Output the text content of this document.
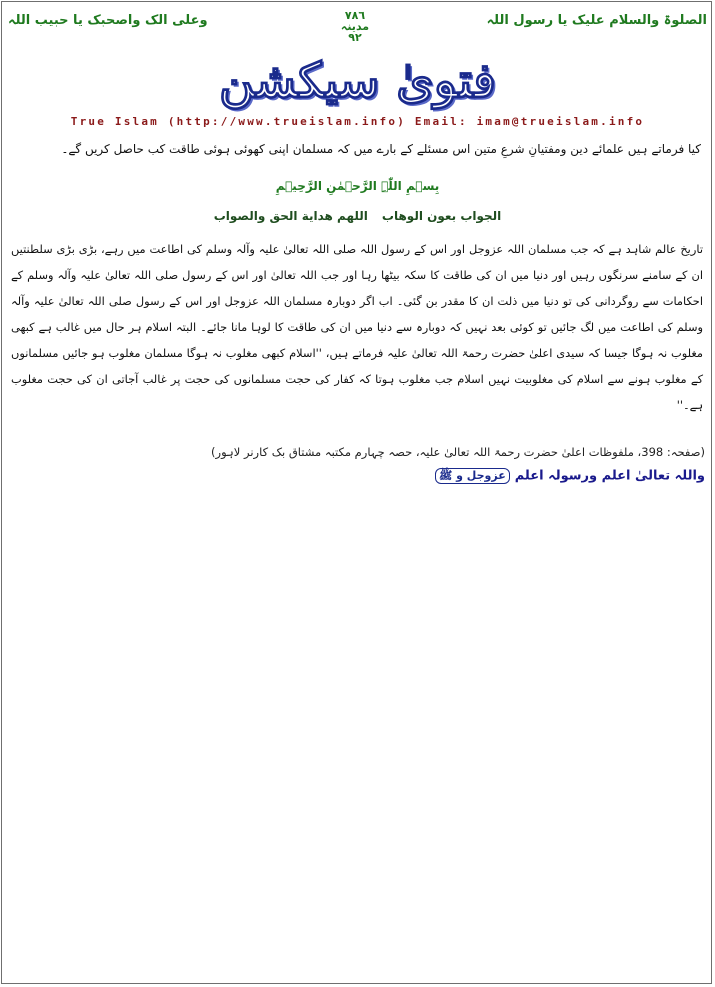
الصلوۃ والسلام علیک یا رسول اللہ
٧٨٦
مدینہ
٩٢
وعلی الک واصحبک یا حبیب اللہ
فتویٰ سیکشن
True Islam (http://www.trueislam.info) Email: imam@trueislam.info
کیا فرماتے ہیں علمائے دین ومفتیانِ شرعِ متین اس مسئلے کے بارے میں کہ مسلمان اپنی کھوئی ہوئی طاقت کب حاصل کریں گے۔
بِسۡمِ اللّٰہِ الرَّحۡمٰنِ الرَّحِیۡمِ
الجواب بعون الوهاباللهم هداية الحق والصواب
تاریخ عالم شاہد ہے کہ جب مسلمان اللہ عزوجل اور اس کے رسول اللہ صلی اللہ تعالیٰ علیہ وآلہ وسلم کی اطاعت میں رہے، بڑی بڑی سلطنتیں ان کے سامنے سرنگوں رہیں اور دنیا میں ان کی طاقت کا سکہ بیٹھا رہا اور جب اللہ تعالیٰ اور اس کے رسول صلی اللہ تعالیٰ علیہ وآلہ وسلم کے احکامات سے روگردانی کی تو دنیا میں ذلت ان کا مقدر بن گئی۔ اب اگر دوبارہ مسلمان اللہ عزوجل اور اس کے رسول صلی اللہ تعالیٰ علیہ وآلہ وسلم کی اطاعت میں لگ جائیں تو کوئی بعد نہیں کہ دوبارہ سے دنیا میں ان کی طاقت کا لوہا مانا جائے۔ البتہ اسلام ہر حال میں غالب ہے کبھی مغلوب نہ ہوگا جیسا کہ سیدی اعلیٰ حضرت رحمۃ اللہ تعالیٰ علیہ فرماتے ہیں، ''اسلام کبھی مغلوب نہ ہوگا مسلمان مغلوب ہو جائیں مسلمانوں کے مغلوب ہونے سے اسلام کی مغلوبیت نہیں اسلام جب مغلوب ہوتا کہ کفار کی حجت مسلمانوں کی حجت پر غالب آجاتی ان کی حجت مغلوب ہے۔''
(صفحہ: 398، ملفوظات اعلیٰ حضرت رحمۃ اللہ تعالیٰ علیہ، حصہ چہارم مکتبہ مشتاق بک کارنر لاہور)
واللہ تعالیٰ اعلم ورسولہ اعلمعزوجل و ﷺ
